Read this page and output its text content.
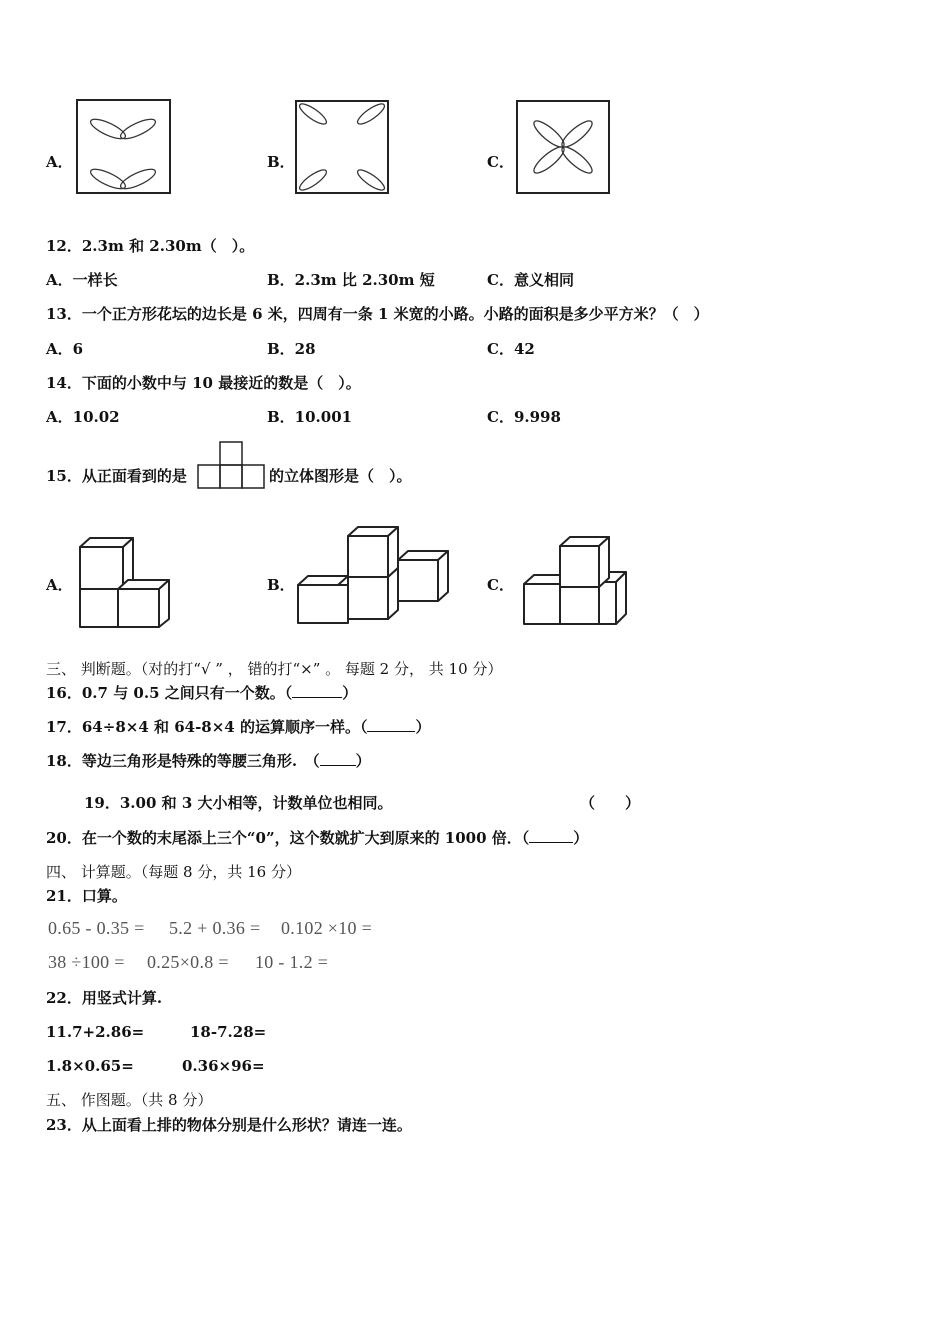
A．	B．	C．
12．2.3m 和 2.30m（　）。
A．一样长	B．2.3m 比 2.30m 短	C．意义相同
13．一个正方形花坛的边长是 6 米，四周有一条 1 米宽的小路。小路的面积是多少平方米？（　）
A．6	B．28	C．42
14．下面的小数中与 10 最接近的数是（　）。
A．10.02	B．10.001	C．9.998
15．从正面看到的是	的立体图形是（　）。
A．	B．	C．
三、 判断题。（对的打“√ ” ， 错的打“×” 。 每题 2 分， 共 10 分）
16．0.7 与 0.5 之间只有一个数。（	）
17．64÷8×4 和 64-8×4 的运算顺序一样。（	）
18．等边三角形是特殊的等腰三角形.　（ ）
19．3.00 和 3 大小相等，计数单位也相同。	（　　）
20．在一个数的末尾添上三个“0”，这个数就扩大到原来的 1000 倍．（	）
四、 计算题。（每题 8 分，共 16 分）
21．口算。
0.65 - 0.35 = 5.2 + 0.36 = 0.102 ×10 =
38 ÷100 = 0.25×0.8 = 10 - 1.2 =
22．用竖式计算.
11.7+2.86=	18-7.28=
1.8×0.65=	0.36×96=
五、 作图题。（共 8 分）
23．从上面看上排的物体分别是什么形状？请连一连。
